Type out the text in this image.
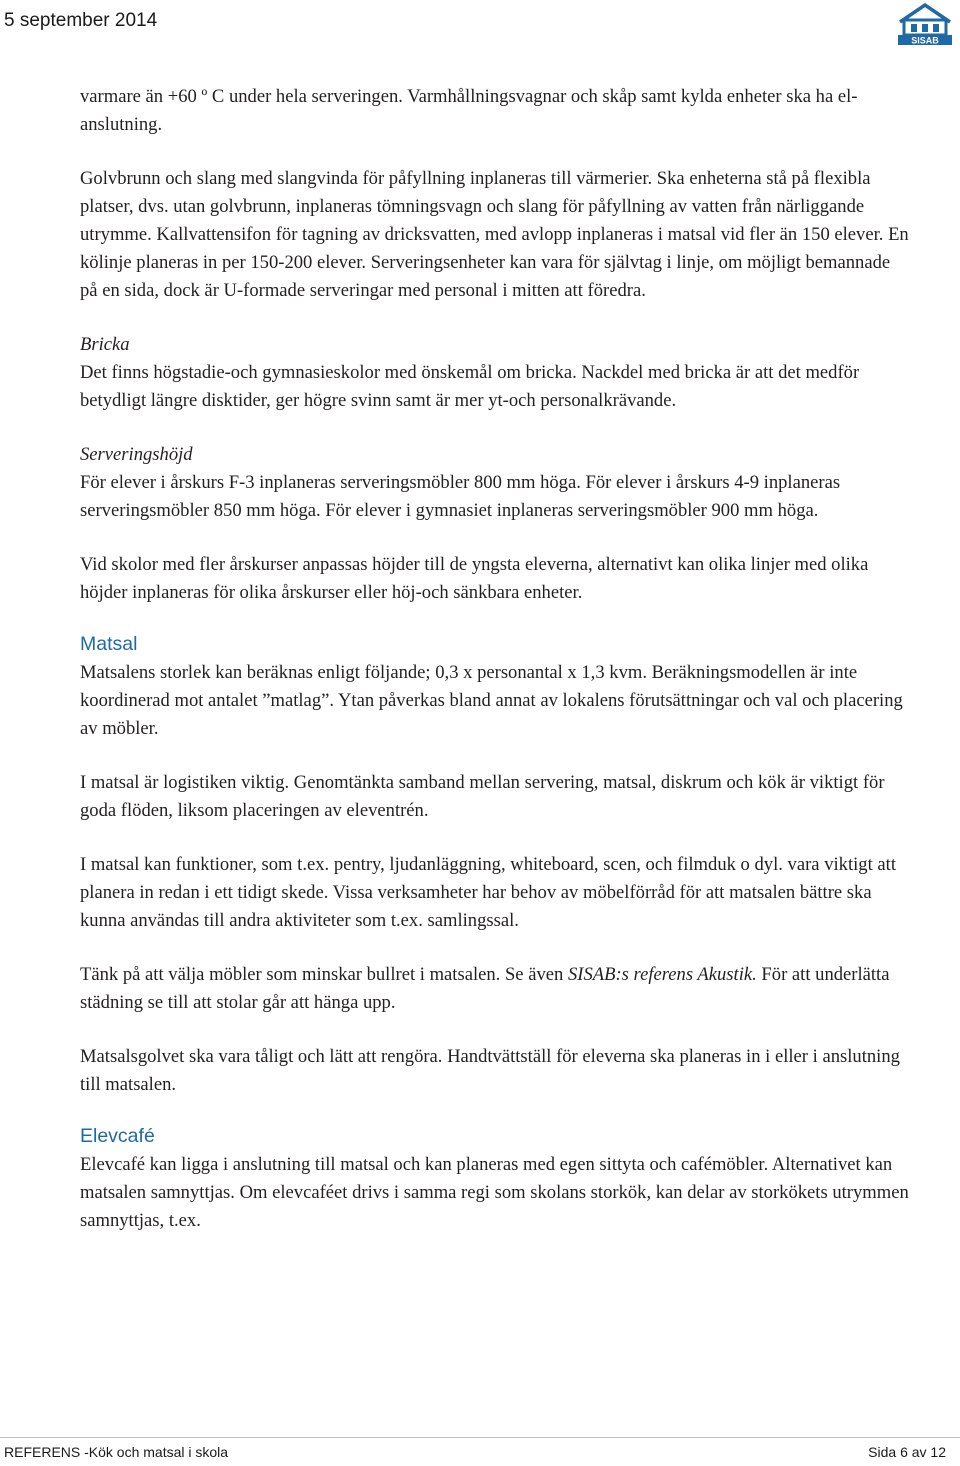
5 september 2014
SISAB

varmare än +60 º C under hela serveringen. Varmhållningsvagnar och skåp samt kylda enheter ska ha el-anslutning.

Golvbrunn och slang med slangvinda för påfyllning inplaneras till värmerier. Ska enheterna stå på flexibla platser, dvs. utan golvbrunn, inplaneras tömningsvagn och slang för påfyllning av vatten från närliggande utrymme. Kallvattensifon för tagning av dricksvatten, med avlopp inplaneras i matsal vid fler än 150 elever. En kölinje planeras in per 150-200 elever. Serveringsenheter kan vara för självtag i linje, om möjligt bemannade på en sida, dock är U-formade serveringar med personal i mitten att föredra.

Bricka
Det finns högstadie-och gymnasieskolor med önskemål om bricka. Nackdel med bricka är att det medför betydligt längre disktider, ger högre svinn samt är mer yt-och personalkrävande.
Serveringshöjd
För elever i årskurs F-3 inplaneras serveringsmöbler 800 mm höga. För elever i årskurs 4-9 inplaneras serveringsmöbler 850 mm höga. För elever i gymnasiet inplaneras serveringsmöbler 900 mm höga.

Vid skolor med fler årskurser anpassas höjder till de yngsta eleverna, alternativt kan olika linjer med olika höjder inplaneras för olika årskurser eller höj-och sänkbara enheter.

Matsal

Matsalens storlek kan beräknas enligt följande; 0,3 x personantal x 1,3 kvm. Beräkningsmodellen är inte koordinerad mot antalet ”matlag”. Ytan påverkas bland annat av lokalens förutsättningar och val och placering av möbler.

I matsal är logistiken viktig. Genomtänkta samband mellan servering, matsal, diskrum och kök är viktigt för goda flöden, liksom placeringen av eleventrén.

I matsal kan funktioner, som t.ex. pentry, ljudanläggning, whiteboard, scen, och filmduk o dyl. vara viktigt att planera in redan i ett tidigt skede. Vissa verksamheter har behov av möbelförråd för att matsalen bättre ska kunna användas till andra aktiviteter som t.ex. samlingssal.

Tänk på att välja möbler som minskar bullret i matsalen. Se även SISAB:s referens Akustik. För att underlätta städning se till att stolar går att hänga upp.

Matsalsgolvet ska vara tåligt och lätt att rengöra. Handtvättställ för eleverna ska planeras in i eller i anslutning till matsalen.

Elevcafé

Elevcafé kan ligga i anslutning till matsal och kan planeras med egen sittyta och cafémöbler. Alternativet kan matsalen samnyttjas. Om elevcaféet drivs i samma regi som skolans storkök, kan delar av storkökets utrymmen samnyttjas, t.ex.

REFERENS -Kök och matsal i skola	Sida 6 av 12
